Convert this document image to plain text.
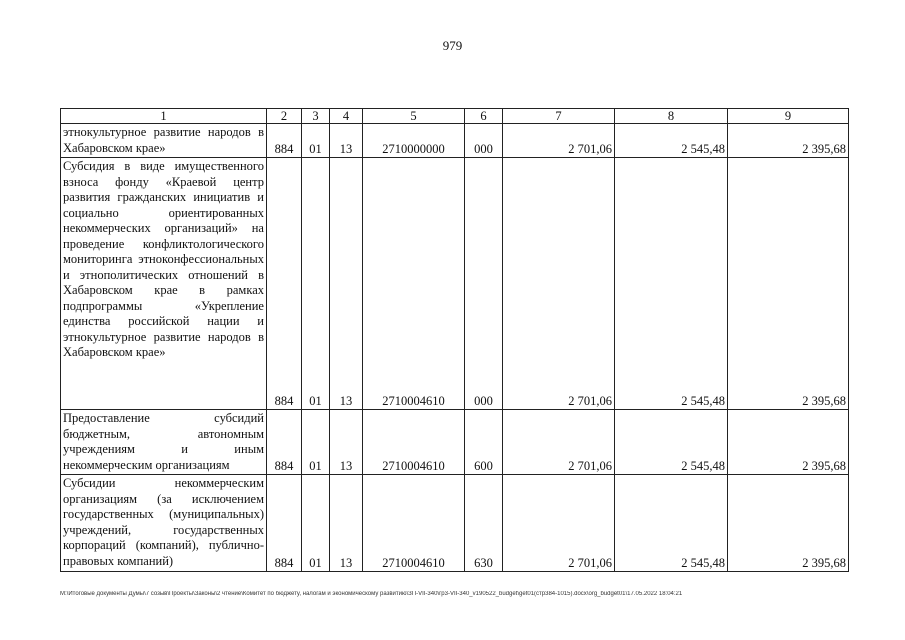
979
1	2	3	4	5	6	7	8	9
этнокультурное развитие народов в Хабаровском крае»	884	01	13	2710000000	000	2 701,06	2 545,48	2 395,68
Субсидия в виде имущественного взноса фонду «Краевой центр развития гражданских инициатив и социально ориентированных некоммерческих организаций» на проведение конфликтологического мониторинга этноконфессиональных и этнополитических отношений в Хабаровском крае в рамках подпрограммы «Укрепление единства российской нации и этнокультурное развитие народов в Хабаровском крае»	884	01	13	2710004610	000	2 701,06	2 545,48	2 395,68
Предоставление субсидий бюджетным, автономным учреждениям и иным некоммерческим организациям	884	01	13	2710004610	600	2 701,06	2 545,48	2 395,68
Субсидии некоммерческим организациям (за исключением государственных (муниципальных) учреждений, государственных корпораций (компаний), публично-правовых компаний)	884	01	13	2710004610	630	2 701,06	2 545,48	2 395,68
M:\Итоговые документы Думы\7 созыв\Проекты\Законы\2 чтение\Комитет по бюджету, налогам и экономическому развитию\ЗП-VII-340\гр3-VII-340_v190522_budget\get01(стр384-1015).docx\org_budget01\17.05.2022 18:04:21
